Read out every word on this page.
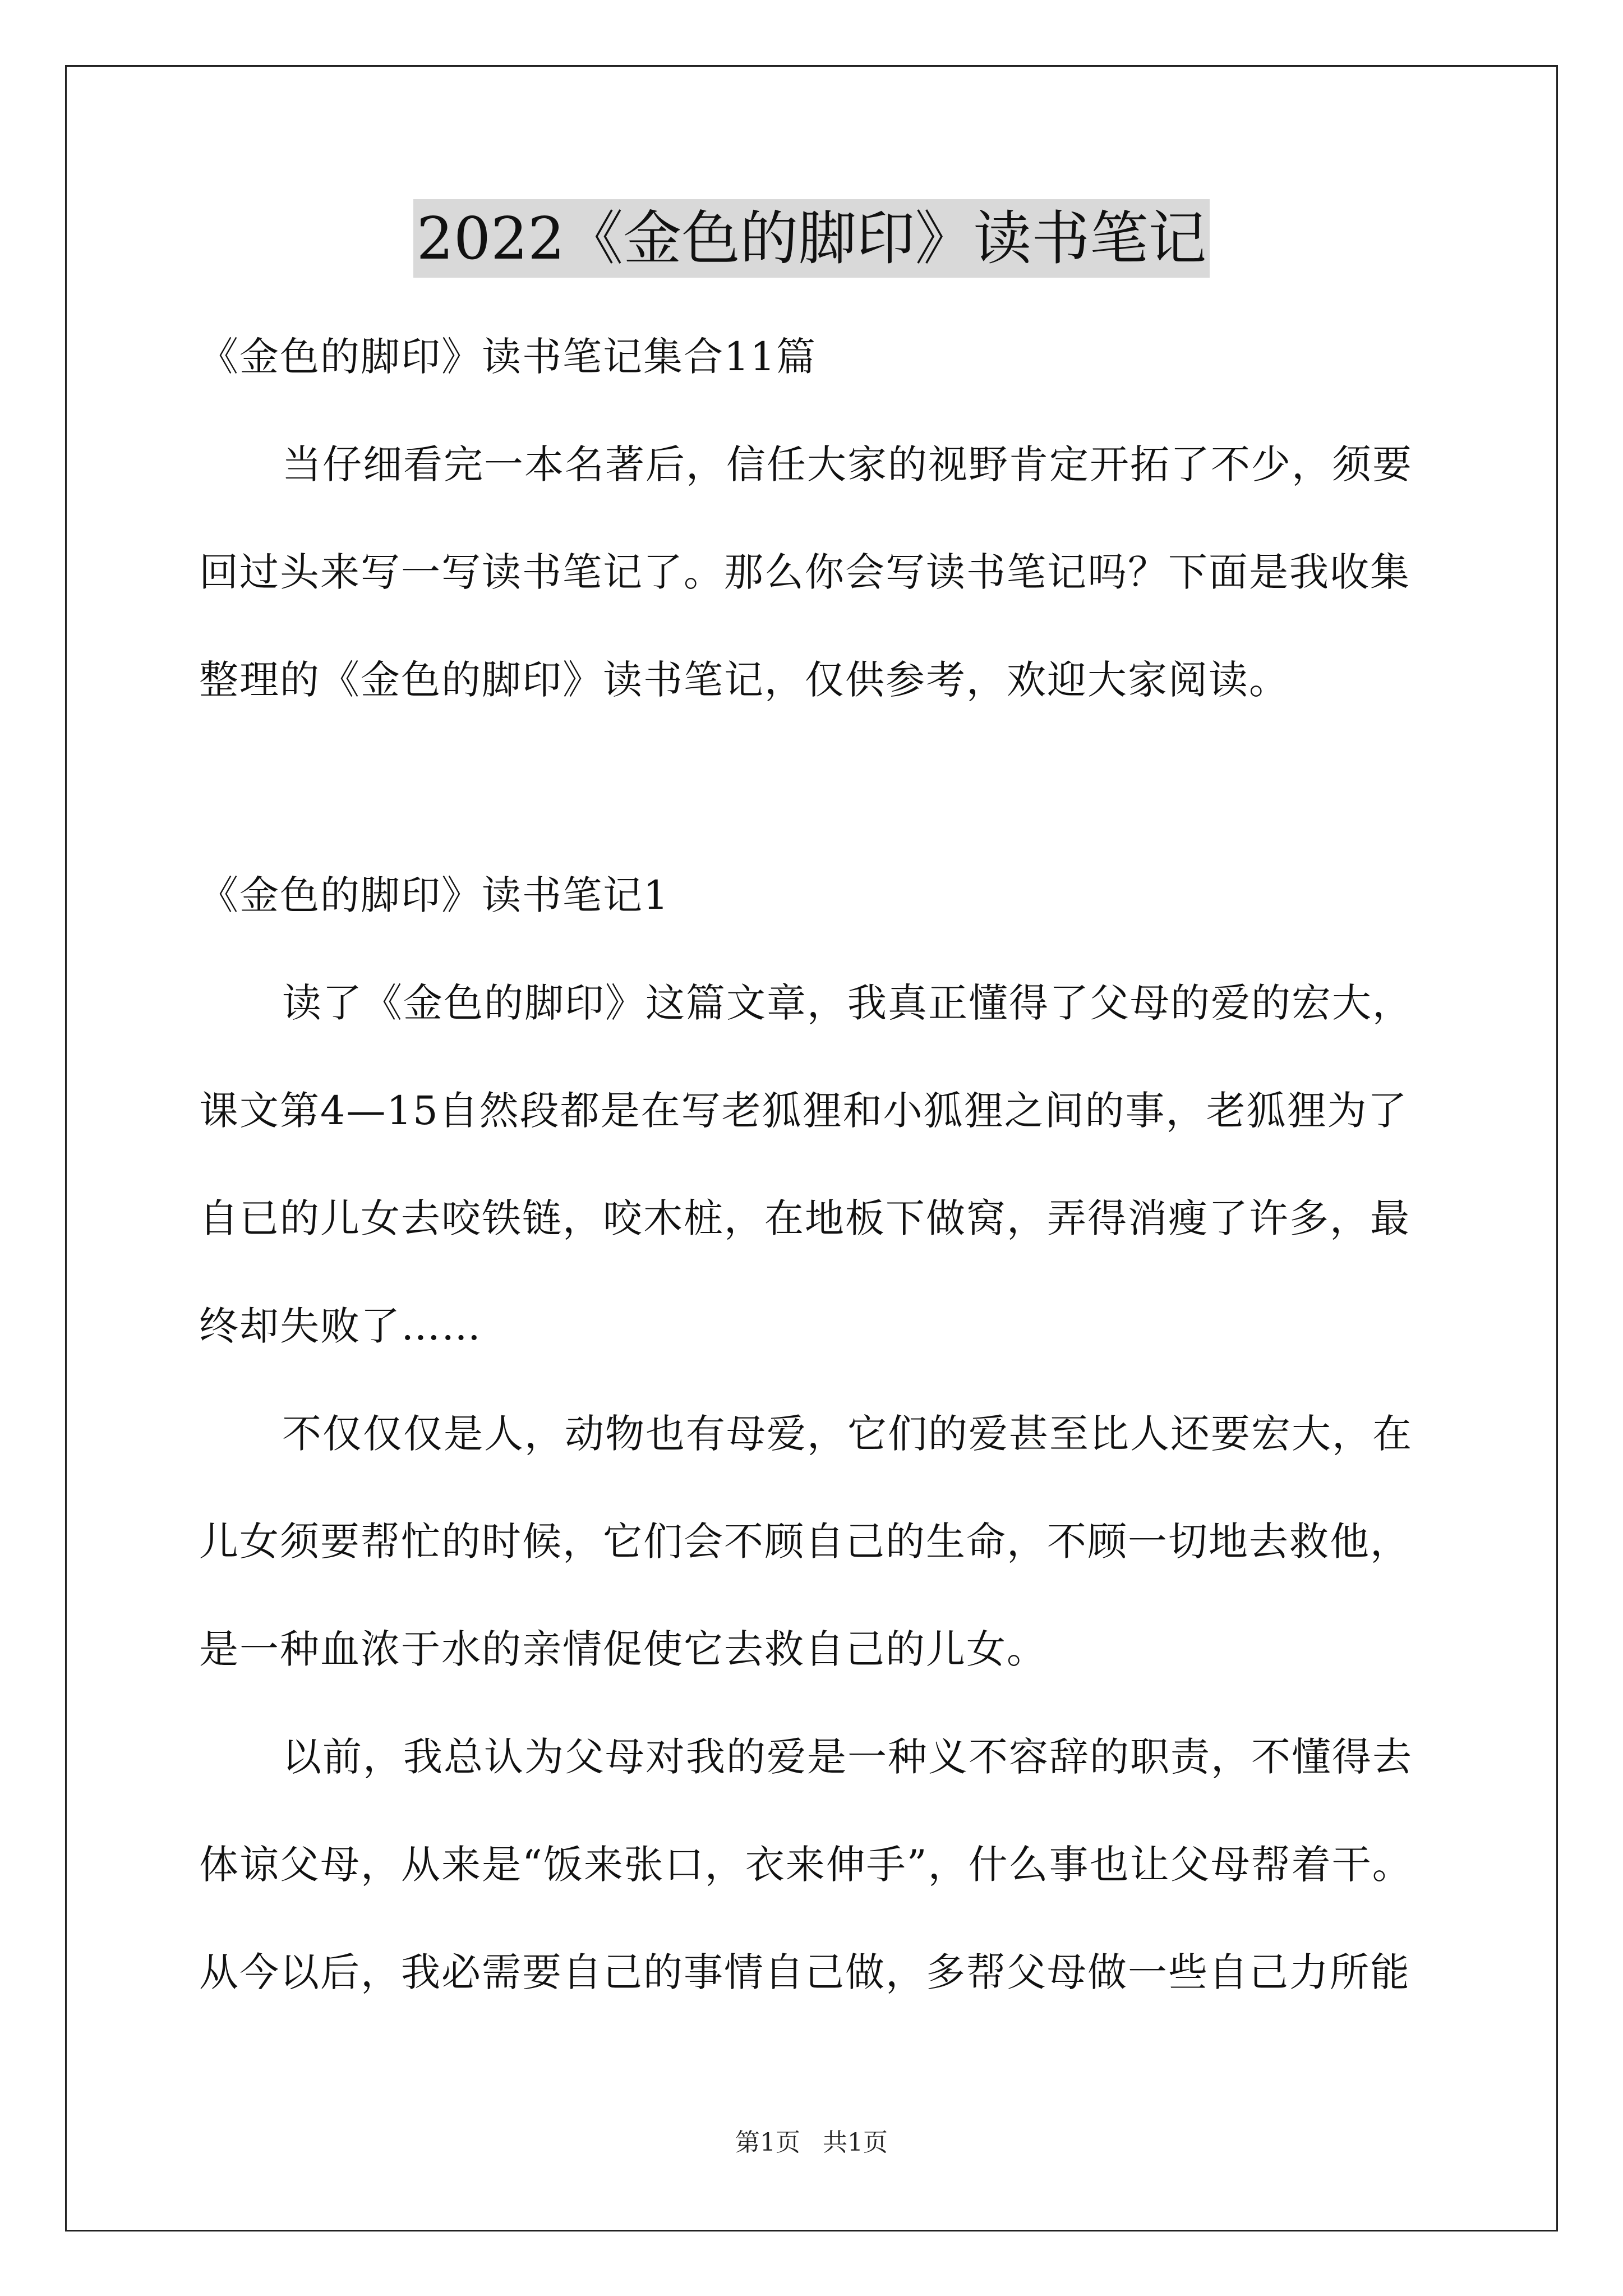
2022《金色的脚印》读书笔记
《金色的脚印》读书笔记集合11篇
当仔细看完一本名著后，信任大家的视野肯定开拓了不少，须要
回过头来写一写读书笔记了。那么你会写读书笔记吗？下面是我收集
整理的《金色的脚印》读书笔记，仅供参考，欢迎大家阅读。
《金色的脚印》读书笔记1
读了《金色的脚印》这篇文章，我真正懂得了父母的爱的宏大，
课文第4—15自然段都是在写老狐狸和小狐狸之间的事，老狐狸为了
自已的儿女去咬铁链，咬木桩，在地板下做窝，弄得消瘦了许多，最
终却失败了……
不仅仅仅是人，动物也有母爱，它们的爱甚至比人还要宏大，在
儿女须要帮忙的时候，它们会不顾自己的生命，不顾一切地去救他，
是一种血浓于水的亲情促使它去救自己的儿女。
以前，我总认为父母对我的爱是一种义不容辞的职责，不懂得去
体谅父母，从来是“饭来张口，衣来伸手”，什么事也让父母帮着干。
从今以后，我必需要自己的事情自己做，多帮父母做一些自己力所能
第1页 共1页
